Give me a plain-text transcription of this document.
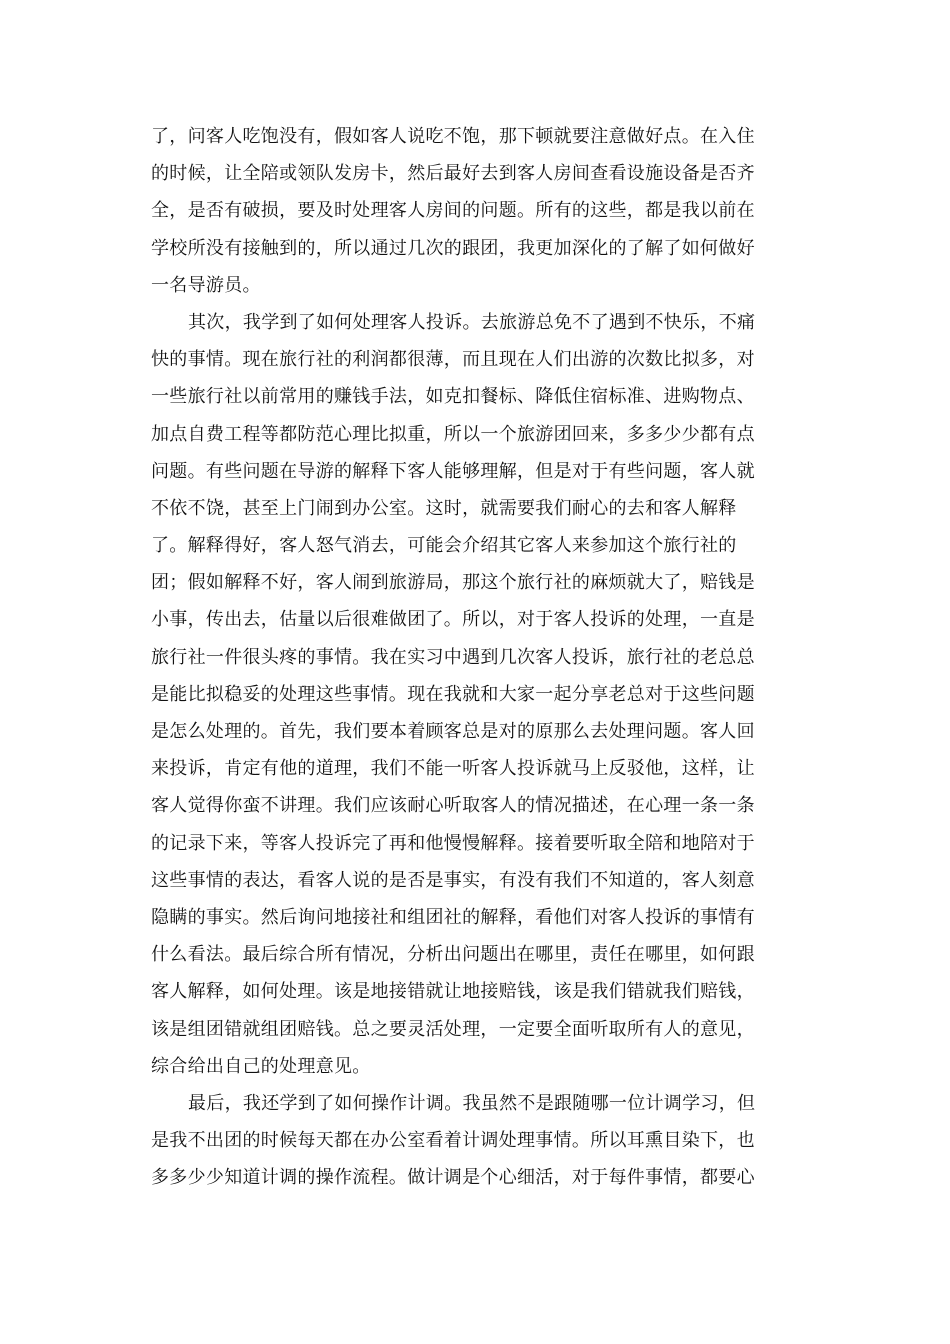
了，问客人吃饱没有，假如客人说吃不饱，那下顿就要注意做好点。在入住
的时候，让全陪或领队发房卡，然后最好去到客人房间查看设施设备是否齐
全，是否有破损，要及时处理客人房间的问题。所有的这些，都是我以前在
学校所没有接触到的，所以通过几次的跟团，我更加深化的了解了如何做好
一名导游员。
其次，我学到了如何处理客人投诉。去旅游总免不了遇到不快乐，不痛
快的事情。现在旅行社的利润都很薄，而且现在人们出游的次数比拟多，对
一些旅行社以前常用的赚钱手法，如克扣餐标、降低住宿标准、进购物点、
加点自费工程等都防范心理比拟重，所以一个旅游团回来，多多少少都有点
问题。有些问题在导游的解释下客人能够理解，但是对于有些问题，客人就
不依不饶，甚至上门闹到办公室。这时，就需要我们耐心的去和客人解释
了。解释得好，客人怒气消去，可能会介绍其它客人来参加这个旅行社的
团；假如解释不好，客人闹到旅游局，那这个旅行社的麻烦就大了，赔钱是
小事，传出去，估量以后很难做团了。所以，对于客人投诉的处理，一直是
旅行社一件很头疼的事情。我在实习中遇到几次客人投诉，旅行社的老总总
是能比拟稳妥的处理这些事情。现在我就和大家一起分享老总对于这些问题
是怎么处理的。首先，我们要本着顾客总是对的原那么去处理问题。客人回
来投诉，肯定有他的道理，我们不能一听客人投诉就马上反驳他，这样，让
客人觉得你蛮不讲理。我们应该耐心听取客人的情况描述，在心理一条一条
的记录下来，等客人投诉完了再和他慢慢解释。接着要听取全陪和地陪对于
这些事情的表达，看客人说的是否是事实，有没有我们不知道的，客人刻意
隐瞒的事实。然后询问地接社和组团社的解释，看他们对客人投诉的事情有
什么看法。最后综合所有情况，分析出问题出在哪里，责任在哪里，如何跟
客人解释，如何处理。该是地接错就让地接赔钱，该是我们错就我们赔钱，
该是组团错就组团赔钱。总之要灵活处理，一定要全面听取所有人的意见，
综合给出自己的处理意见。
最后，我还学到了如何操作计调。我虽然不是跟随哪一位计调学习，但
是我不出团的时候每天都在办公室看着计调处理事情。所以耳熏目染下，也
多多少少知道计调的操作流程。做计调是个心细活，对于每件事情，都要心
